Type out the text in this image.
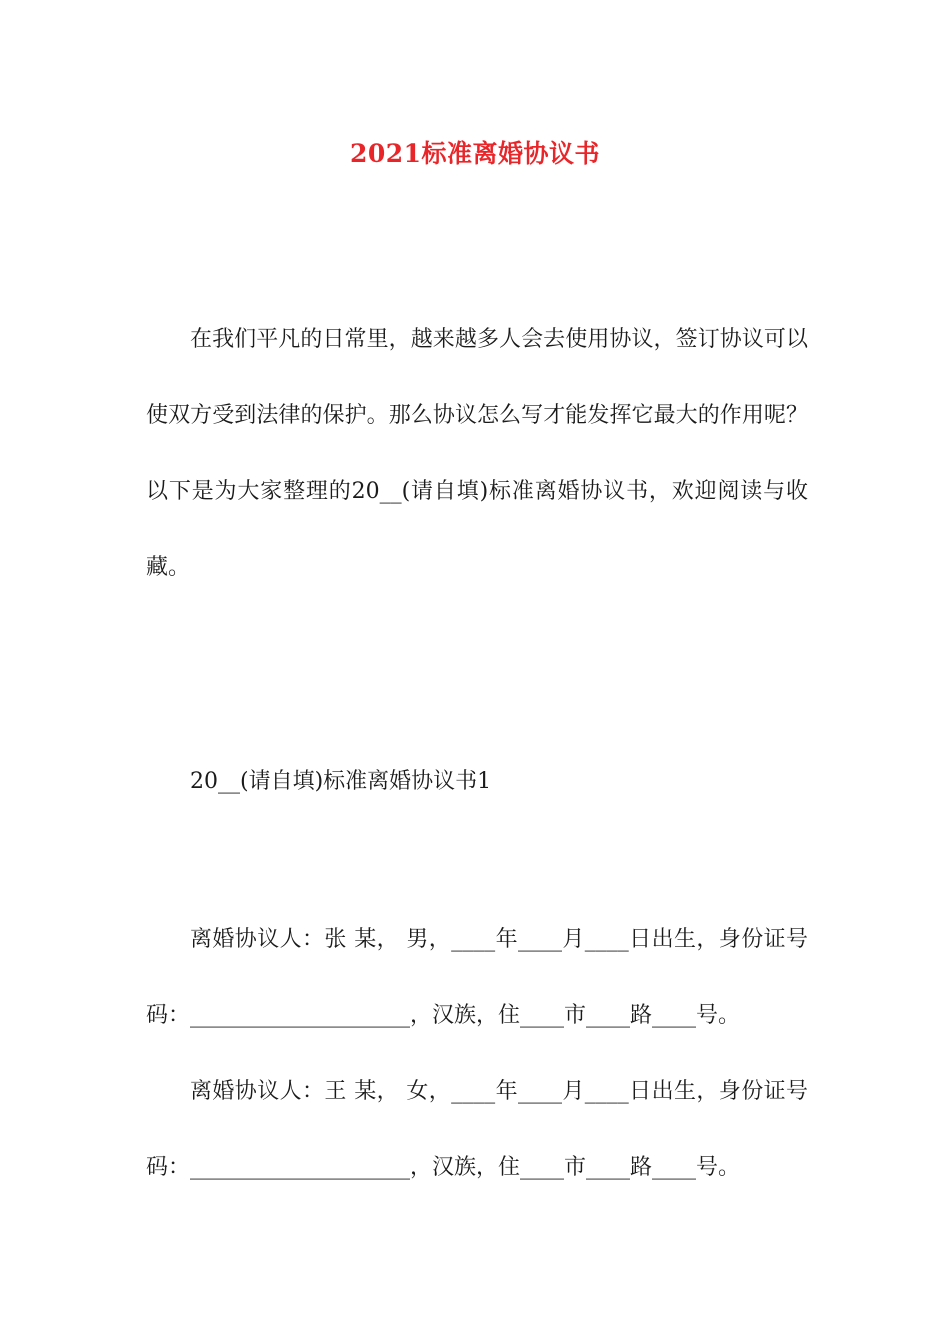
2021标准离婚协议书

在我们平凡的日常里，越来越多人会去使用协议，签订协议可以使双方受到法律的保护。那么协议怎么写才能发挥它最大的作用呢？以下是为大家整理的20__(请自填)标准离婚协议书，欢迎阅读与收藏。

20__(请自填)标准离婚协议书1

离婚协议人：张 某， 男，____年____月____日出生，身份证号码：____________________，汉族，住____市____路____号。

离婚协议人：王 某， 女，____年____月____日出生，身份证号码：____________________，汉族，住____市____路____号。
